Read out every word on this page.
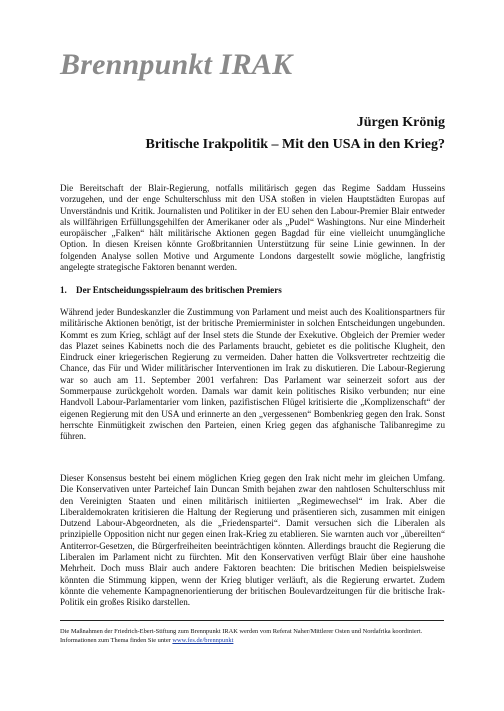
Brennpunkt IRAK
Jürgen Krönig
Britische Irakpolitik – Mit den USA in den Krieg?

Die Bereitschaft der Blair-Regierung, notfalls militärisch gegen das Regime Saddam Husseins vorzugehen, und der enge Schulterschluss mit den USA stoßen in vielen Hauptstädten Europas auf Unverständnis und Kritik. Journalisten und Politiker in der EU sehen den Labour-Premier Blair entweder als willfährigen Erfüllungsgehilfen der Amerikaner oder als „Pudel“ Washingtons. Nur eine Minderheit europäischer „Falken“ hält militärische Aktionen gegen Bagdad für eine vielleicht unumgängliche Option. In diesen Kreisen könnte Großbritannien Unterstützung für seine Linie gewinnen. In der folgenden Analyse sollen Motive und Argumente Londons dargestellt sowie mögliche, langfristig angelegte strategische Faktoren benannt werden.

1. Der Entscheidungsspielraum des britischen Premiers

Während jeder Bundeskanzler die Zustimmung von Parlament und meist auch des Koalitionspartners für militärische Aktionen benötigt, ist der britische Premierminister in solchen Entscheidungen ungebunden. Kommt es zum Krieg, schlägt auf der Insel stets die Stunde der Exekutive. Obgleich der Premier weder das Plazet seines Kabinetts noch die des Parlaments braucht, gebietet es die politische Klugheit, den Eindruck einer kriegerischen Regierung zu vermeiden. Daher hatten die Volksvertreter rechtzeitig die Chance, das Für und Wider militärischer Interventionen im Irak zu diskutieren. Die Labour-Regierung war so auch am 11. September 2001 verfahren: Das Parlament war seinerzeit sofort aus der Sommerpause zurückgeholt worden. Damals war damit kein politisches Risiko verbunden; nur eine Handvoll Labour-Parlamentarier vom linken, pazifistischen Flügel kritisierte die „Komplizenschaft“ der eigenen Regierung mit den USA und erinnerte an den „vergessenen“ Bombenkrieg gegen den Irak. Sonst herrschte Einmütigkeit zwischen den Parteien, einen Krieg gegen das afghanische Talibanregime zu führen.

Dieser Konsensus besteht bei einem möglichen Krieg gegen den Irak nicht mehr im gleichen Umfang. Die Konservativen unter Parteichef Iain Duncan Smith bejahen zwar den nahtlosen Schulterschluss mit den Vereinigten Staaten und einen militärisch initiierten „Regimewechsel“ im Irak. Aber die Liberaldemokraten kritisieren die Haltung der Regierung und präsentieren sich, zusammen mit einigen Dutzend Labour-Abgeordneten, als die „Friedenspartei“. Damit versuchen sich die Liberalen als prinzipielle Opposition nicht nur gegen einen Irak-Krieg zu etablieren. Sie warnten auch vor „übereilten“ Antiterror-Gesetzen, die Bürgerfreiheiten beeinträchtigen könnten. Allerdings braucht die Regierung die Liberalen im Parlament nicht zu fürchten. Mit den Konservativen verfügt Blair über eine haushohe Mehrheit. Doch muss Blair auch andere Faktoren beachten: Die britischen Medien beispielsweise könnten die Stimmung kippen, wenn der Krieg blutiger verläuft, als die Regierung erwartet. Zudem könnte die vehemente Kampagnenorientierung der britischen Boulevardzeitungen für die britische Irak-Politik ein großes Risiko darstellen.

Die Maßnahmen der Friedrich-Ebert-Stiftung zum Brennpunkt IRAK werden vom Referat Naher/Mittlerer Osten und Nordafrika koordiniert. Informationen zum Thema finden Sie unter www.fes.de/brennpunkt
